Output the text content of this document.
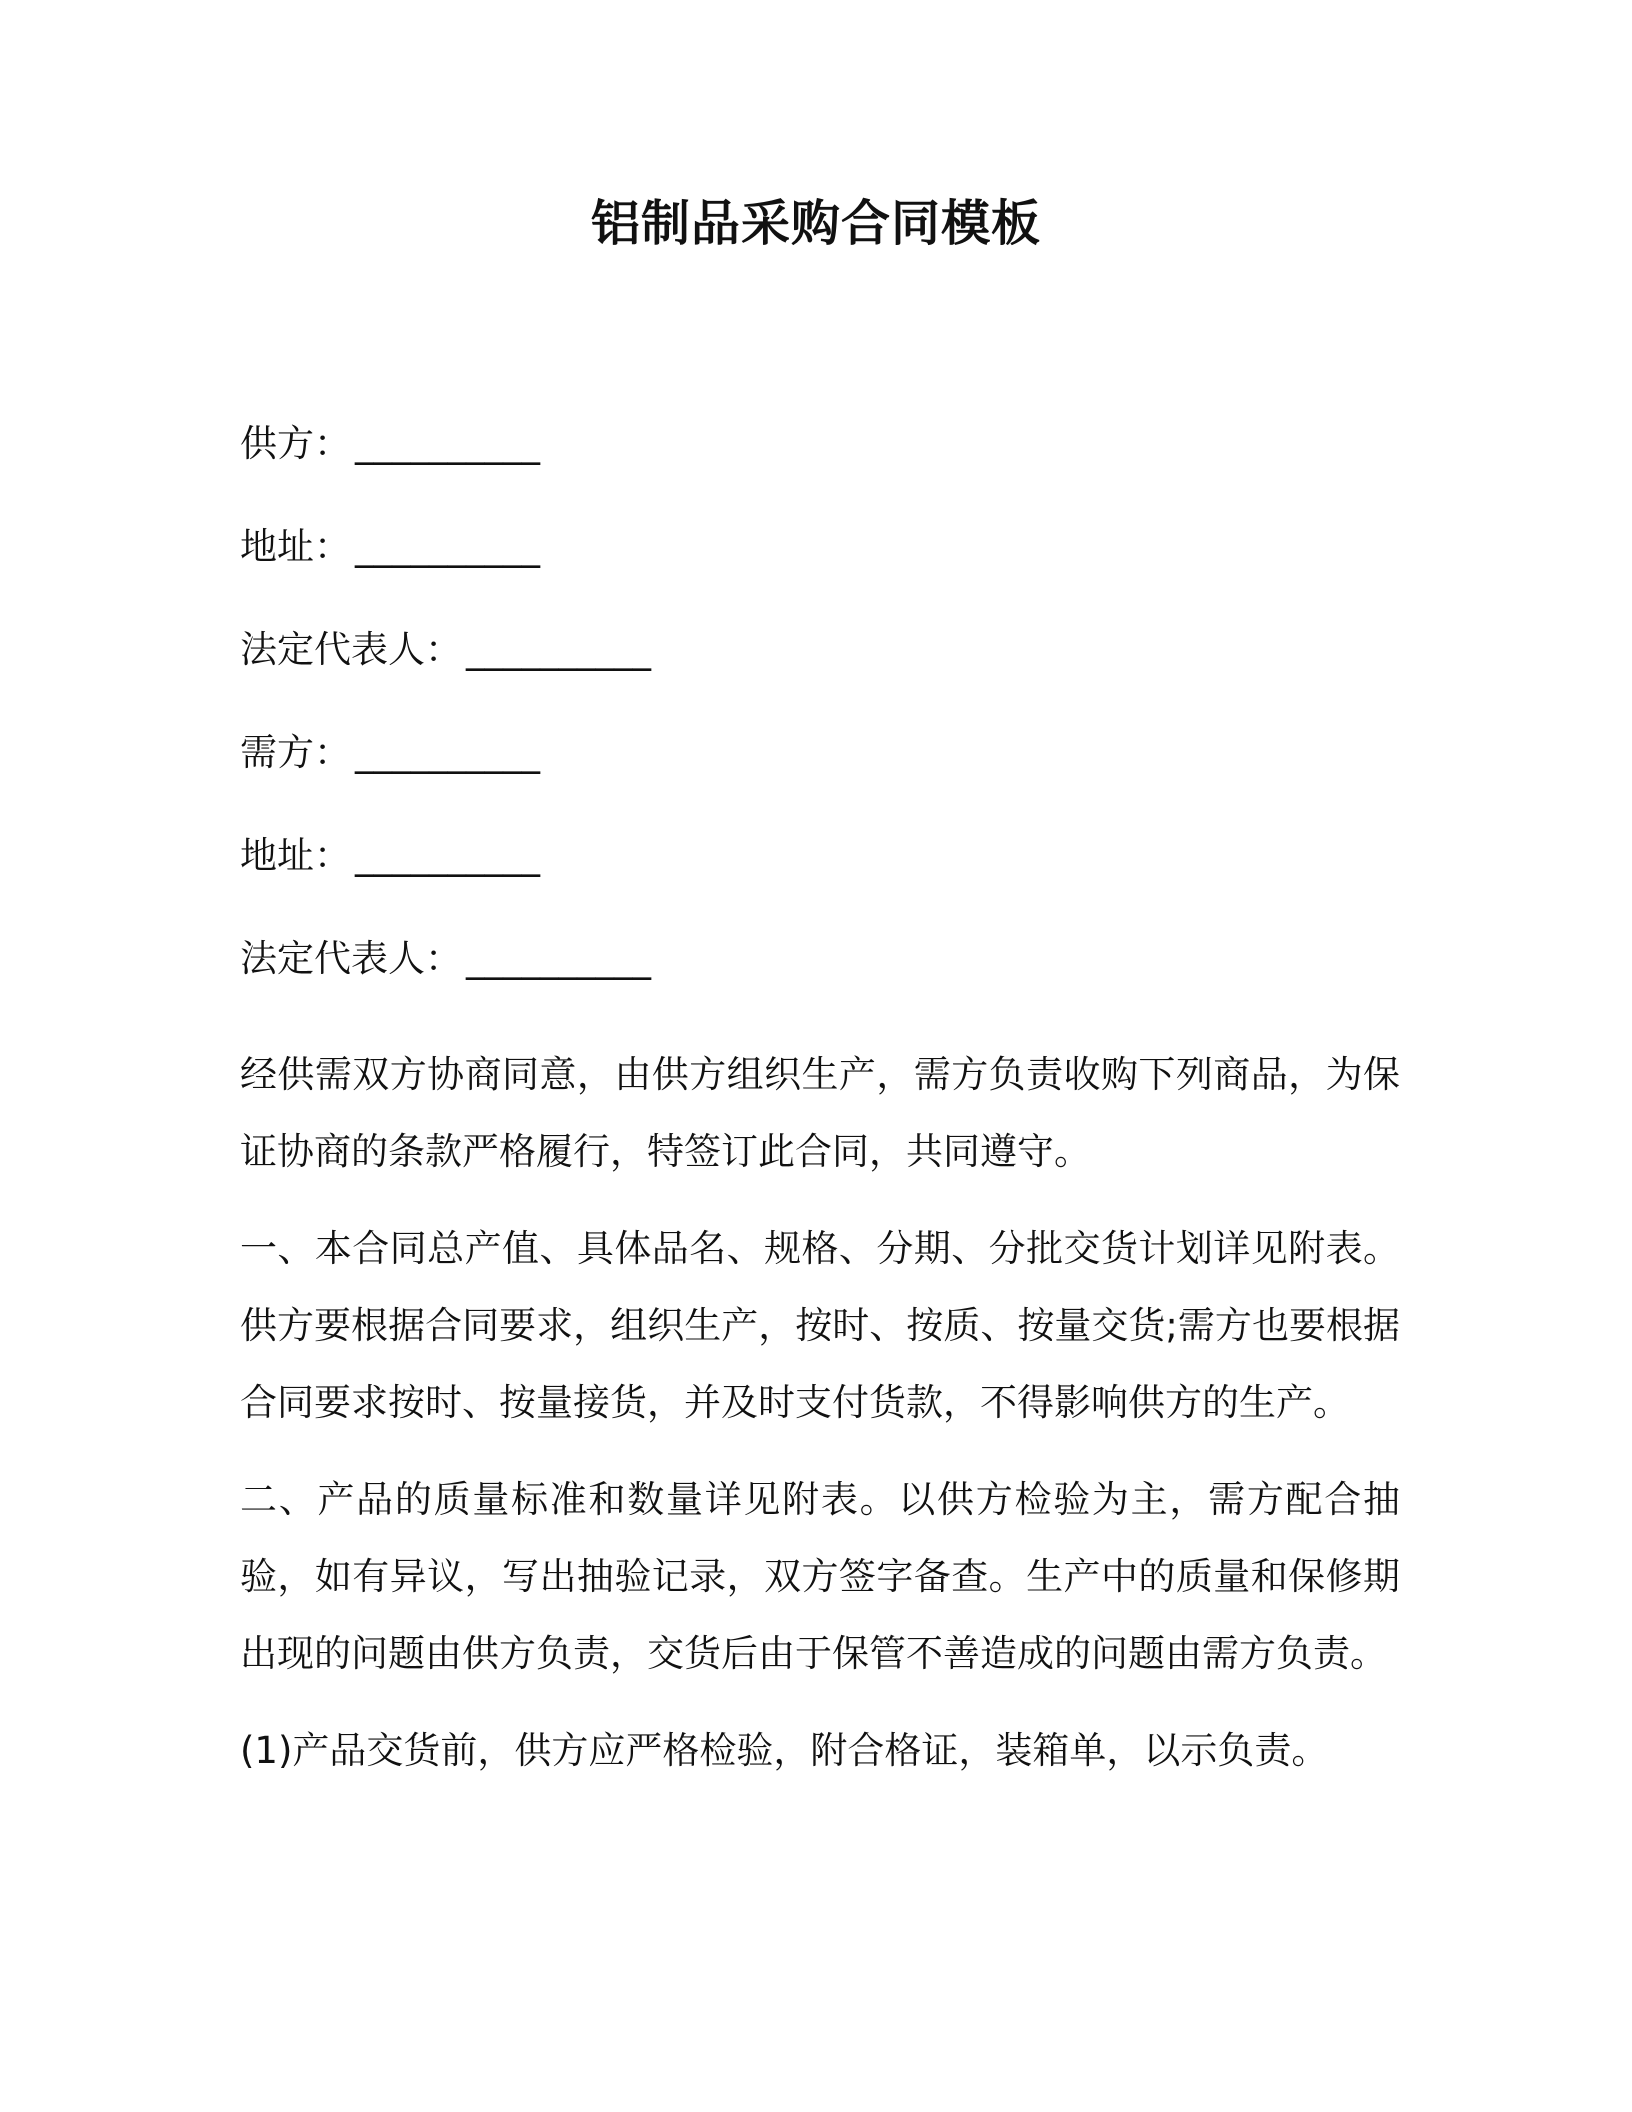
铝制品采购合同模板
供方： __________
地址： __________
法定代表人： __________
需方： __________
地址： __________
法定代表人： __________

经供需双方协商同意，由供方组织生产，需方负责收购下列商品，为保证协商的条款严格履行，特签订此合同，共同遵守。

一、本合同总产值、具体品名、规格、分期、分批交货计划详见附表。供方要根据合同要求，组织生产，按时、按质、按量交货;需方也要根据合同要求按时、按量接货，并及时支付货款，不得影响供方的生产。

二、产品的质量标准和数量详见附表。以供方检验为主，需方配合抽验，如有异议，写出抽验记录，双方签字备查。生产中的质量和保修期出现的问题由供方负责，交货后由于保管不善造成的问题由需方负责。

(1)产品交货前，供方应严格检验，附合格证，装箱单，以示负责。
